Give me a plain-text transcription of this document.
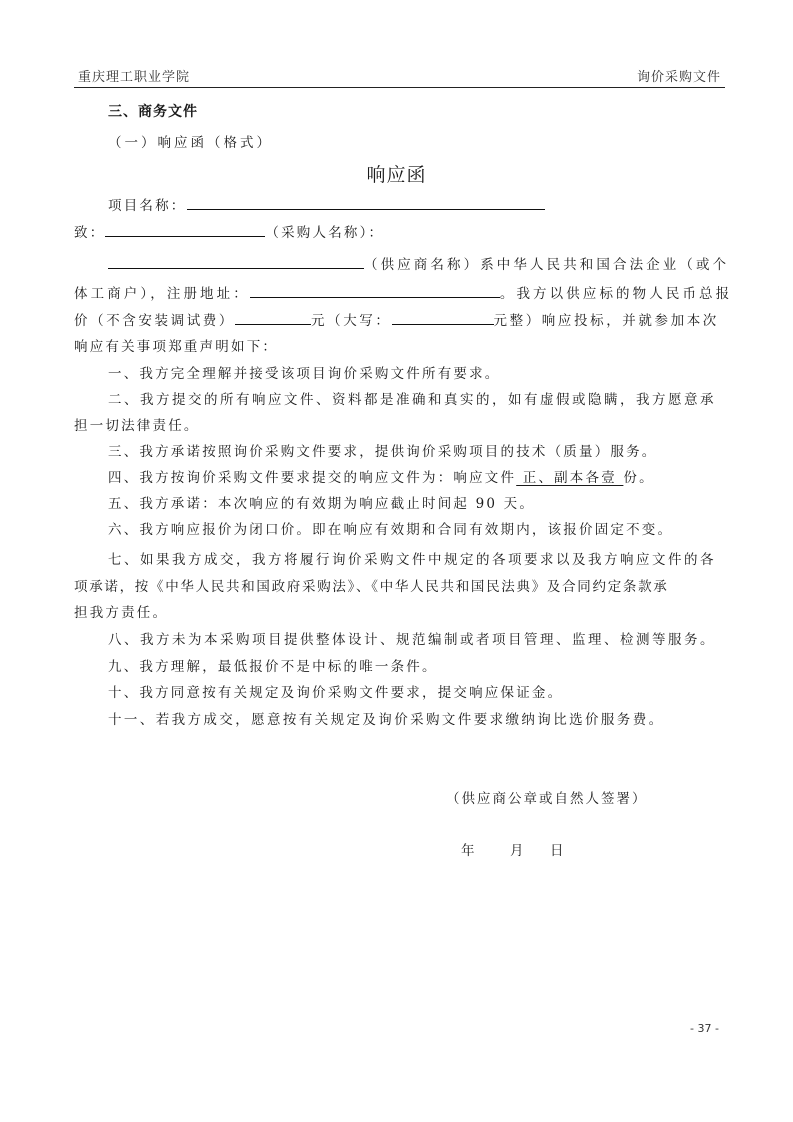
重庆理工职业学院	询价采购文件
三、商务文件
（一）响应函（格式）
响应函
项目名称：
致：	（采购人名称）：
（供应商名称）系中华人民共和国合法企业（或个
体工商户），注册地址：	。我方以供应标的物人民币总报
价（不含安装调试费）	元（大写：	元整）响应投标，并就参加本次
响应有关事项郑重声明如下：
一、我方完全理解并接受该项目询价采购文件所有要求。
二、我方提交的所有响应文件、资料都是准确和真实的，如有虚假或隐瞒，我方愿意承
担一切法律责任。
三、我方承诺按照询价采购文件要求，提供询价采购项目的技术（质量）服务。
四、我方按询价采购文件要求提交的响应文件为：响应文件 正、副本各壹 份。
五、我方承诺：本次响应的有效期为响应截止时间起 90 天。
六、我方响应报价为闭口价。即在响应有效期和合同有效期内，该报价固定不变。
七、如果我方成交，我方将履行询价采购文件中规定的各项要求以及我方响应文件的各
项承诺，按《中华人民共和国政府采购法》、《中华人民共和国民法典》及合同约定条款承
担我方责任。
八、我方未为本采购项目提供整体设计、规范编制或者项目管理、监理、检测等服务。
九、我方理解，最低报价不是中标的唯一条件。
十、我方同意按有关规定及询价采购文件要求，提交响应保证金。
十一、若我方成交，愿意按有关规定及询价采购文件要求缴纳询比选价服务费。
（供应商公章或自然人签署）
年	月 日
- 37 -
